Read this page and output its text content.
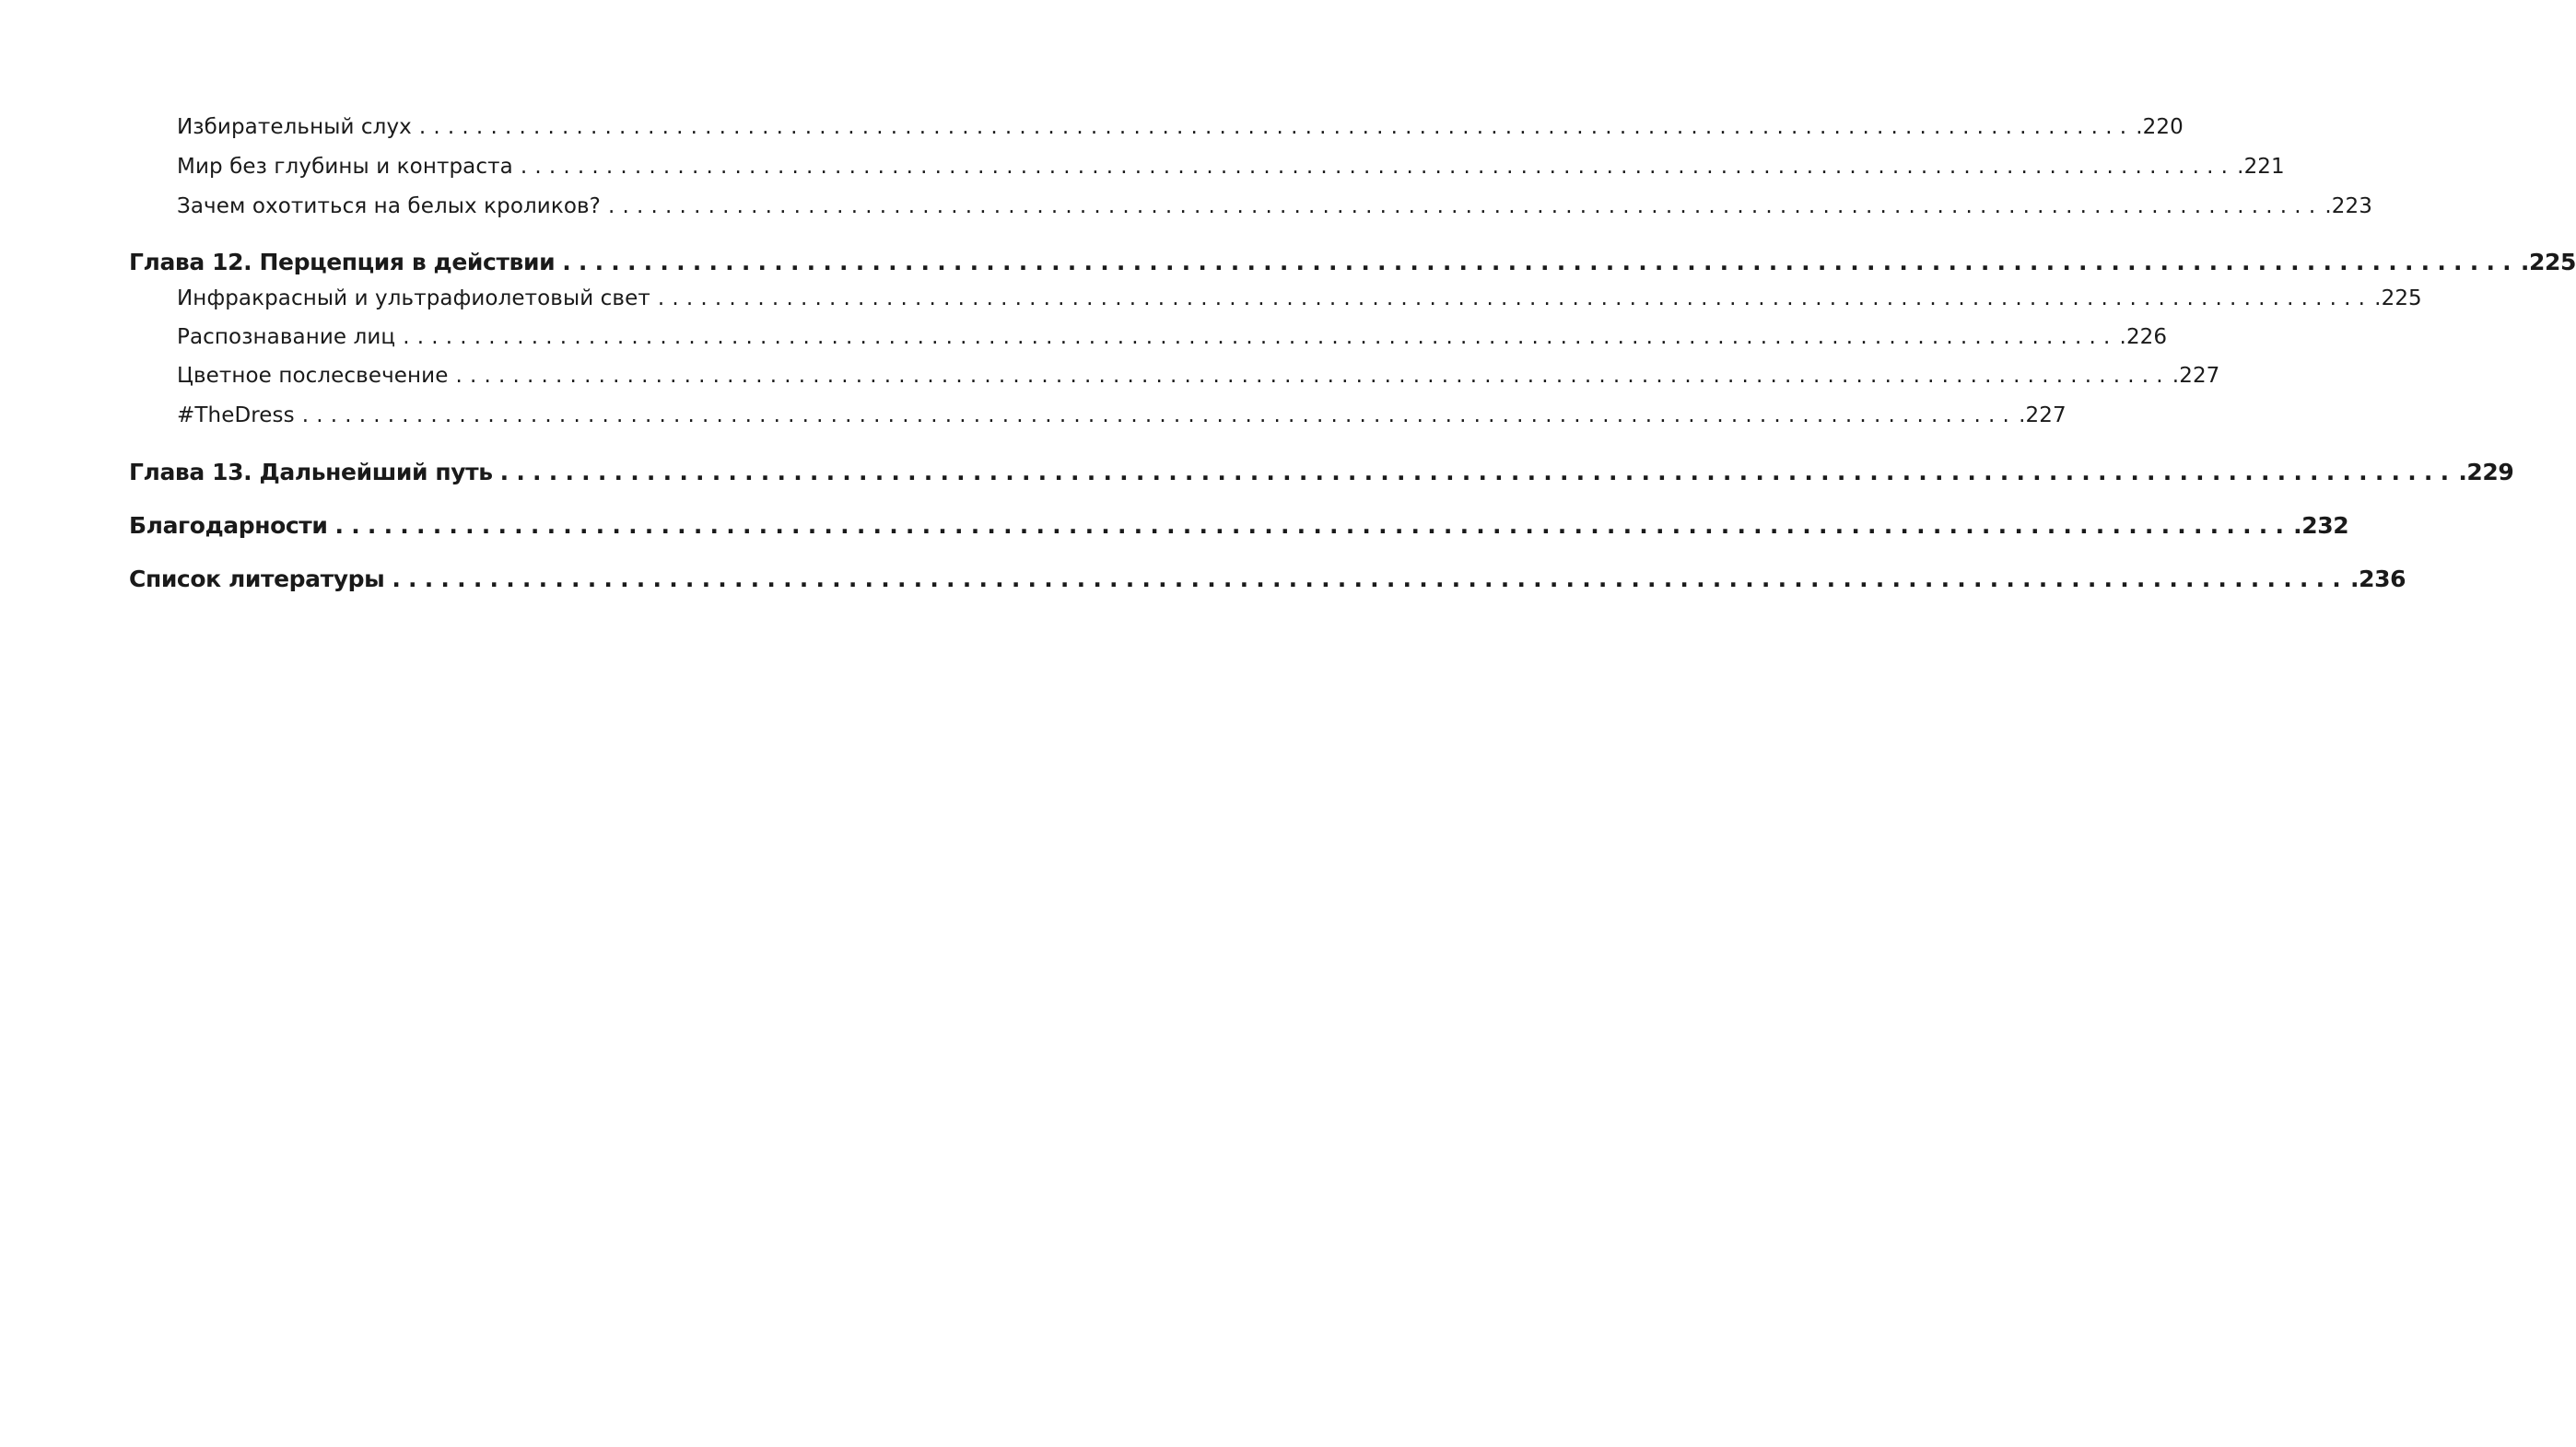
Избирательный слух ........................................................................................................................ .220
Мир без глубины и контраста ........................................................................................................................ .221
Зачем охотиться на белых кроликов? ........................................................................................................................ .223
Глава 12. Перцепция в действии ........................................................................................................................ .225
Инфракрасный и ультрафиолетовый свет ........................................................................................................................ .225
Распознавание лиц ........................................................................................................................ .226
Цветное послесвечение ........................................................................................................................ .227
#TheDress ........................................................................................................................ .227
Глава 13. Дальнейший путь ........................................................................................................................ .229
Благодарности ........................................................................................................................ .232
Список литературы ........................................................................................................................ .236
